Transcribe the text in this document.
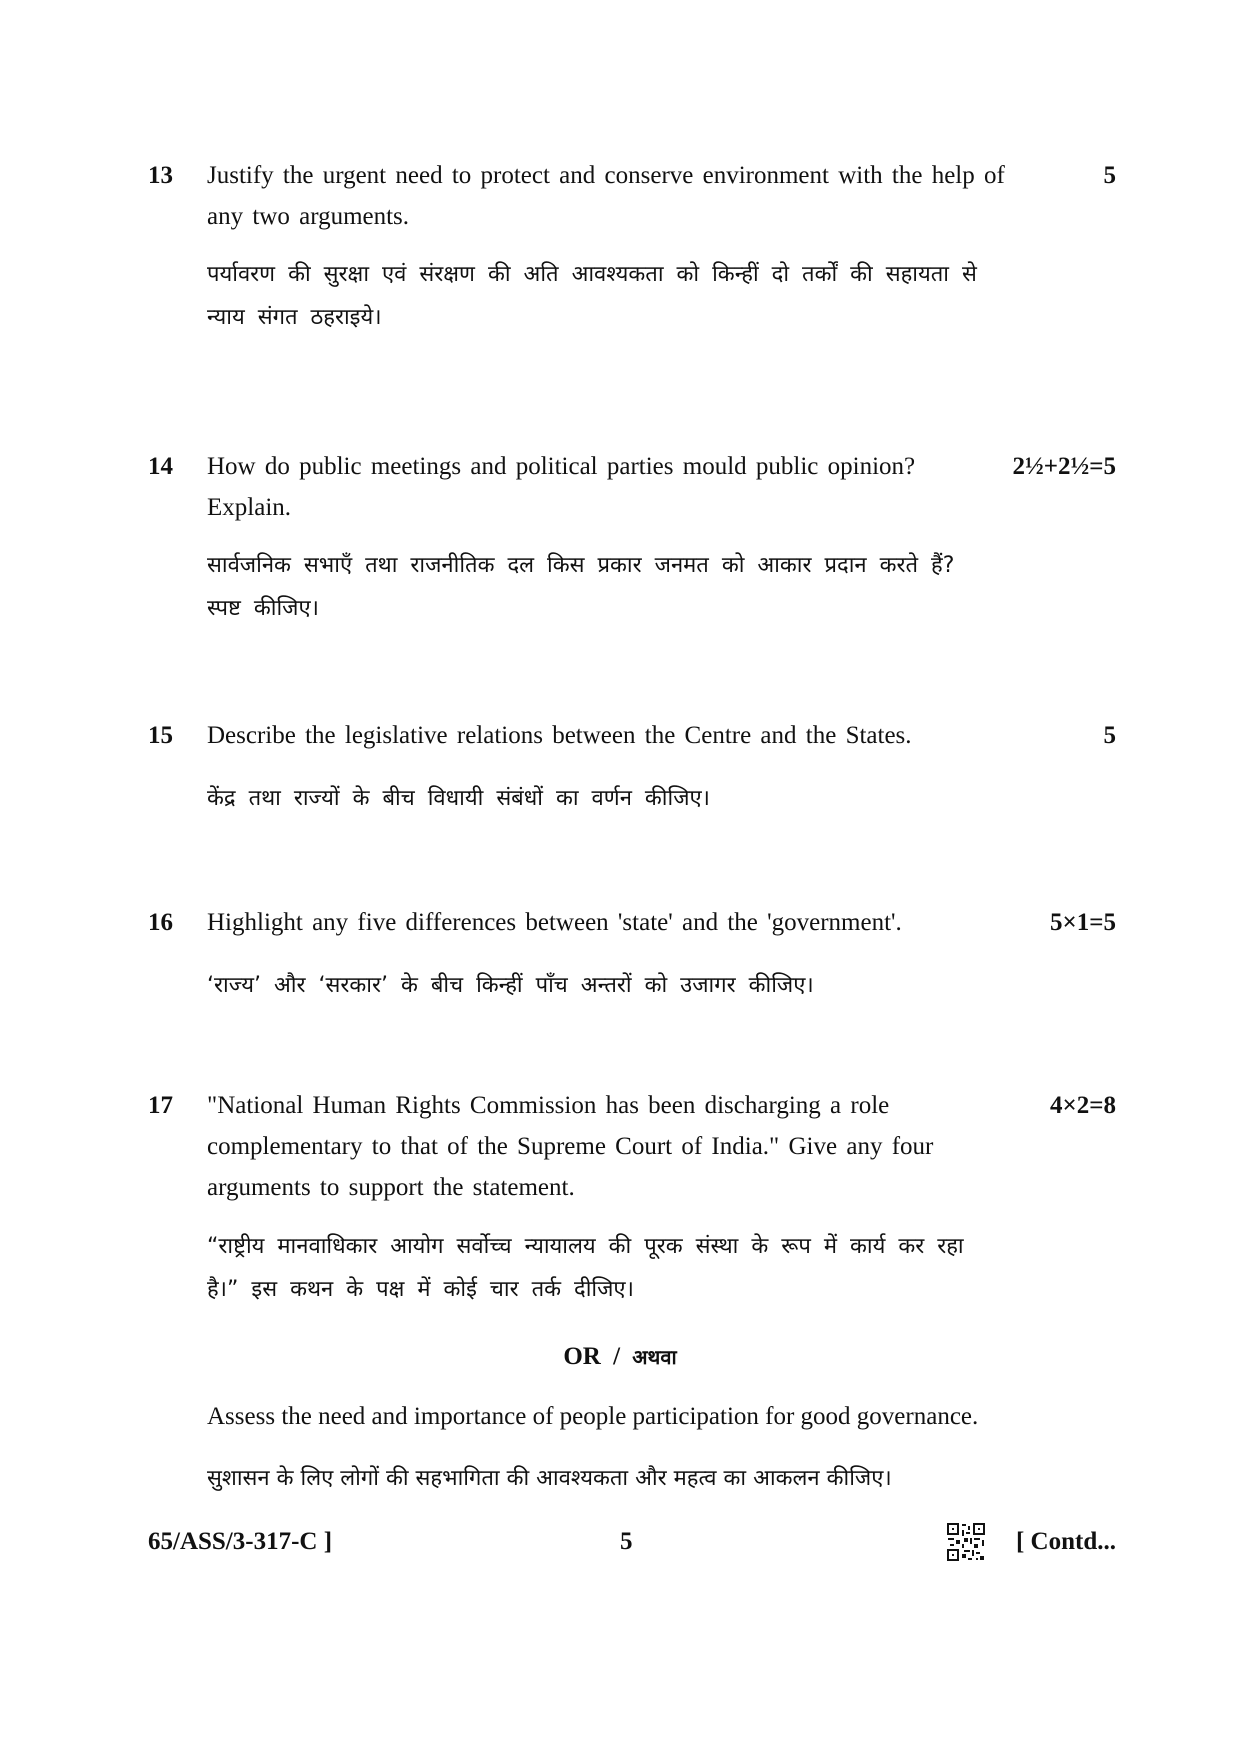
13 Justify the urgent need to protect and conserve environment with the help of any two arguments.
5
पर्यावरण की सुरक्षा एवं संरक्षण की अति आवश्यकता को किन्हीं दो तर्कों की सहायता से न्याय संगत ठहराइये।
14 How do public meetings and political parties mould public opinion? Explain.
2½+2½=5
सार्वजनिक सभाएँ तथा राजनीतिक दल किस प्रकार जनमत को आकार प्रदान करते हैं? स्पष्ट कीजिए।
15 Describe the legislative relations between the Centre and the States.	5
केंद्र तथा राज्यों के बीच विधायी संबंधों का वर्णन कीजिए।
16 Highlight any five differences between 'state' and the 'government'.	5×1=5
‘राज्य’ और ‘सरकार’ के बीच किन्हीं पाँच अन्तरों को उजागर कीजिए।
17 "National Human Rights Commission has been discharging a role complementary to that of the Supreme Court of India." Give any four arguments to support the statement.
4×2=8
“राष्ट्रीय मानवाधिकार आयोग सर्वोच्च न्यायालय की पूरक संस्था के रूप में कार्य कर रहा है।” इस कथन के पक्ष में कोई चार तर्क दीजिए।
OR / अथवा
Assess the need and importance of people participation for good governance.
सुशासन के लिए लोगों की सहभागिता की आवश्यकता और महत्व का आकलन कीजिए।
65/ASS/3-317-C ]	5	[ Contd...
